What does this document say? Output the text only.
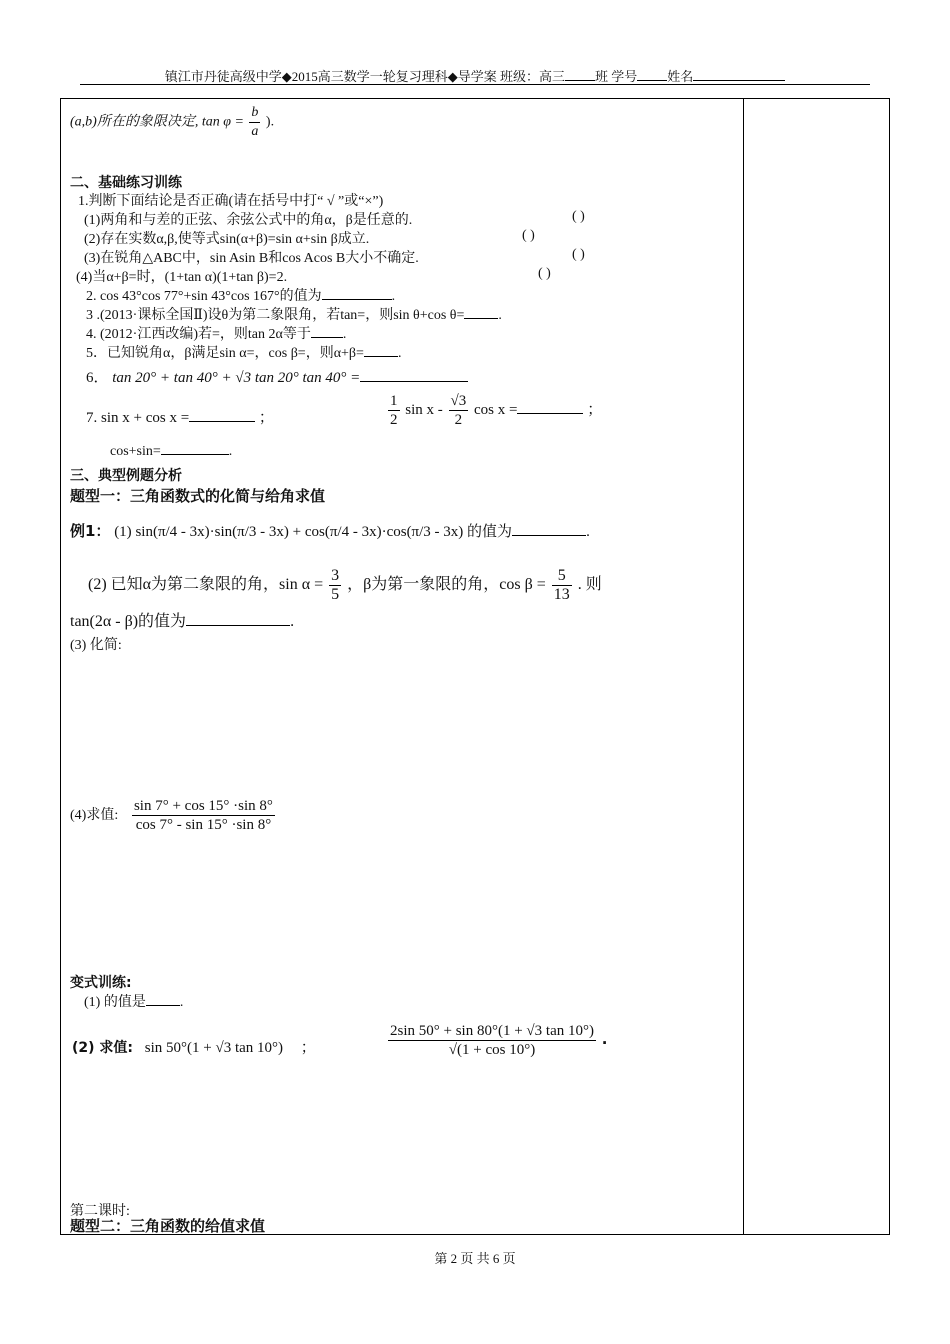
镇江市丹徒高级中学◆2015高三数学一轮复习理科◆导学案 班级：高三 班 学号 姓名
(a,b)所在的象限决定, $\tan \varphi = \frac{b}{a}$ ).
二、基础练习训练
1.判断下面结论是否正确(请在括号中打“ √ ”或“×”)
(1)两角和与差的正弦、余弦公式中的角α，β是任意的.	( )
(2)存在实数α,β,使等式sin(α+β)=sin α+sin β成立.	( )
(3)在锐角△ABC中，sin Asin B和cos Acos B大小不确定.	( )
(4)当α+β=时，(1+tan α)(1+tan β)=2.	( )
2. cos 43°cos 77°+sin 43°cos 167°的值为	.
3 .(2013·课标全国Ⅱ)设θ为第二象限角，若tan=，则sin θ+cos θ= .
4. (2012·江西改编)若=，则tan 2α等于 .
5．已知锐角α，β满足sin α=，cos β=，则α+β= .
6． tan 20° + tan 40° + √3 tan 20° tan 40° =
7. sin x + cos x =	；	$\frac{1}{2}$ sin x - $\frac{√3}{2}$ cos x =	；
cos+sin=	.
三、典型例题分析
题型一：三角函数式的化简与给角求值
例1： (1) sin(π/4 - 3x)·sin(π/3 - 3x) + cos(π/4 - 3x)·cos(π/3 - 3x) 的值为	.
(2) 已知α为第二象限的角，$\sin \alpha = \frac{3}{5}$ ，β为第一象限的角，$\cos \beta = \frac{5}{13}$ . 则
tan(2α - β)的值为	.
(3) 化简:
(4)求值: $\frac{\sin 7^\circ + \cos 15^\circ \cdot\sin 8^\circ}{\cos 7^\circ - \sin 15^\circ \cdot\sin 8^\circ}$
变式训练:
(1) 的值是 .
(2) 求值: sin 50°(1 + √3 tan 10°) ；	$\frac{2\sin 50^\circ + \sin 80^\circ(1 + √3 \tan 10^\circ)}{√(1 + \cos 10^\circ)}$ .
第二课时:
题型二：三角函数的给值求值
第 2 页 共 6 页
